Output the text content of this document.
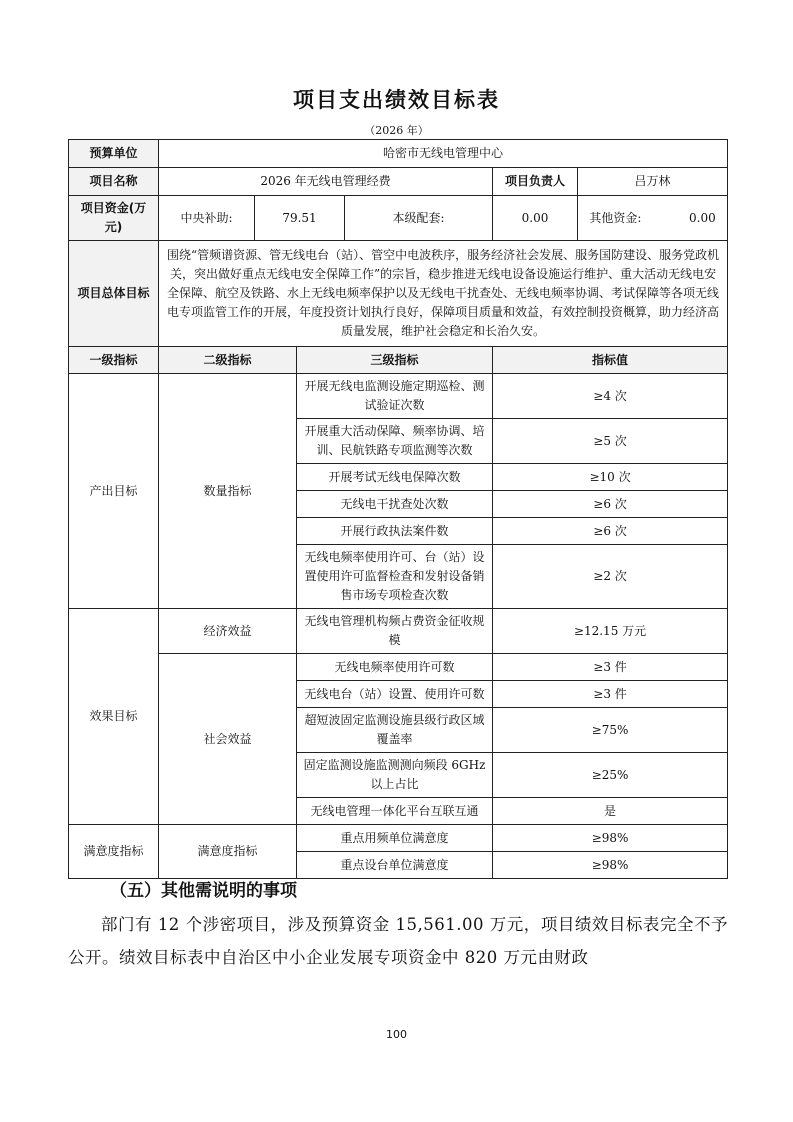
项目支出绩效目标表
（2026 年）
预算单位	哈密市无线电管理中心					
项目名称	2026 年无线电管理经费				项目负责人	吕万林
项目资金(万元)	中央补助:	79.51		本级配套:	0.00	其他资金: 0.00
项目总体目标	围绕“管频谱资源、管无线电台（站）、管空中电波秩序，服务经济社会发展、服务国防建设、服务党政机关，突出做好重点无线电安全保障工作”的宗旨，稳步推进无线电设备设施运行维护、重大活动无线电安全保障、航空及铁路、水上无线电频率保护以及无线电干扰查处、无线电频率协调、考试保障等各项无线电专项监管工作的开展，年度投资计划执行良好，保障项目质量和效益，有效控制投资概算，助力经济高质量发展，维护社会稳定和长治久安。					
一级指标	二级指标		三级指标		指标值	
产出目标	数量指标		开展无线电监测设施定期巡检、测试验证次数		≥4 次	
			开展重大活动保障、频率协调、培训、民航铁路专项监测等次数		≥5 次	
			开展考试无线电保障次数		≥10 次	
			无线电干扰查处次数		≥6 次	
			开展行政执法案件数		≥6 次	
			无线电频率使用许可、台（站）设置使用许可监督检查和发射设备销售市场专项检查次数		≥2 次	
效果目标	经济效益		无线电管理机构频占费资金征收规模		≥12.15 万元	
	社会效益		无线电频率使用许可数		≥3 件	
			无线电台（站）设置、使用许可数		≥3 件	
			超短波固定监测设施县级行政区域覆盖率		≥75%	
			固定监测设施监测测向频段 6GHz 以上占比		≥25%	
			无线电管理一体化平台互联互通		是	
满意度指标	满意度指标		重点用频单位满意度		≥98%	
			重点设台单位满意度		≥98%	
（五）其他需说明的事项
部门有 12 个涉密项目，涉及预算资金 15,561.00 万元，项目绩效目标表完全不予公开。绩效目标表中自治区中小企业发展专项资金中 820 万元由财政
100
